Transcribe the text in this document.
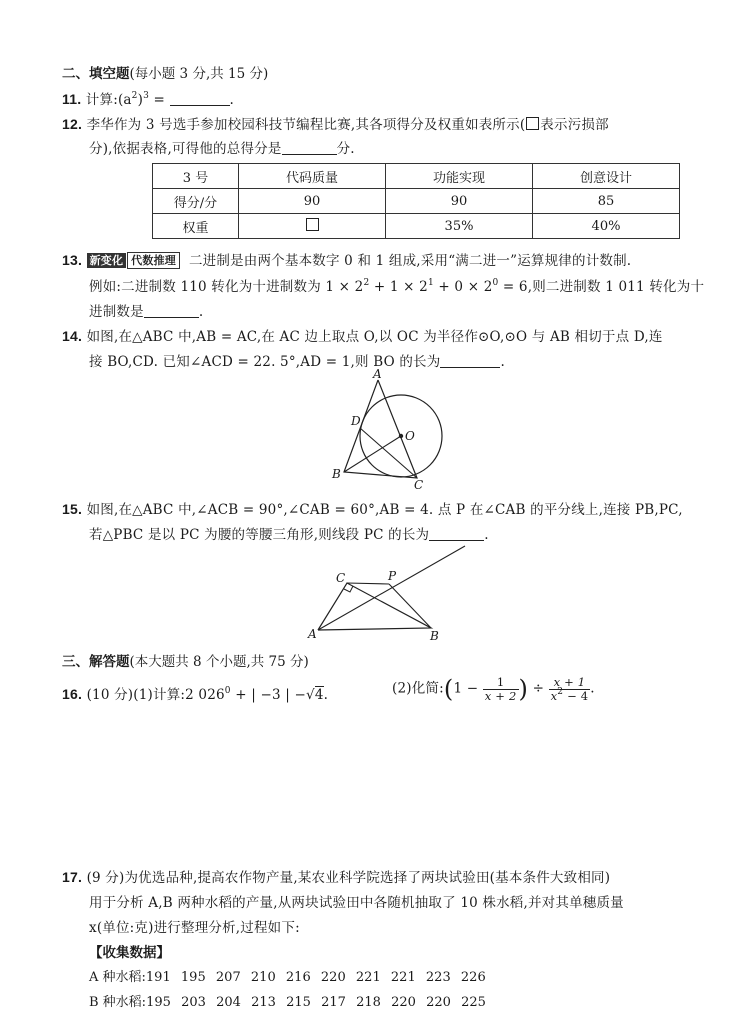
二、填空题(每小题 3 分,共 15 分)
11. 计算$:(a^2)^3$ =	.
12. 李华作为 3 号选手参加校园科技节编程比赛,其各项得分及权重如表所示( 表示污损部
分),依据表格,可得他的总得分是	分.
3 号	代码质量	功能实现	创意设计
得分/分	90	90	85
权重		35%	40%
13. 新变化 代数推理 二进制是由两个基本数字 0 和 1 组成,采用“满二进一”运算规律的计数制.
例如:二进制数 110 转化为十进制数为 $1 \times 2^2 + 1 \times 2^1 + 0 \times 2^0 = 6$,则二进制数 1 011 转化为十
进制数是	.
14. 如图,在△ABC 中,AB = AC,在 AC 边上取点 O,以 OC 为半径作⊙O,⊙O 与 AB 相切于点 D,连
接 BO,CD. 已知∠ACD = 22. 5°,AD = 1,则 BO 的长为	.
A
D
O
B
C
15. 如图,在△ABC 中,∠ACB = 90°,∠CAB = 60°,AB = 4. 点 P 在∠CAB 的平分线上,连接 PB,PC,
若△PBC 是以 PC 为腰的等腰三角形,则线段 PC 的长为	.
C	P
A	B
三、解答题(本大题共 8 个小题,共 75 分)
16. (10 分)(1)计算:2 $026^0$ + | −3 | −√4.	(2)化简:(1 − $\frac{1}{x + 2}$ ) ÷ $\frac{x + 1}{x^2 - 4}$ .
17. (9 分)为优选品种,提高农作物产量,某农业科学院选择了两块试验田(基本条件大致相同)
用于分析 A,B 两种水稻的产量,从两块试验田中各随机抽取了 10 株水稻,并对其单穗质量
x(单位:克)进行整理分析,过程如下:
【收集数据】
A 种水稻:191 195 207 210 216 220 221 221 223 226
B 种水稻:195 203 204 213 215 217 218 220 220 225
